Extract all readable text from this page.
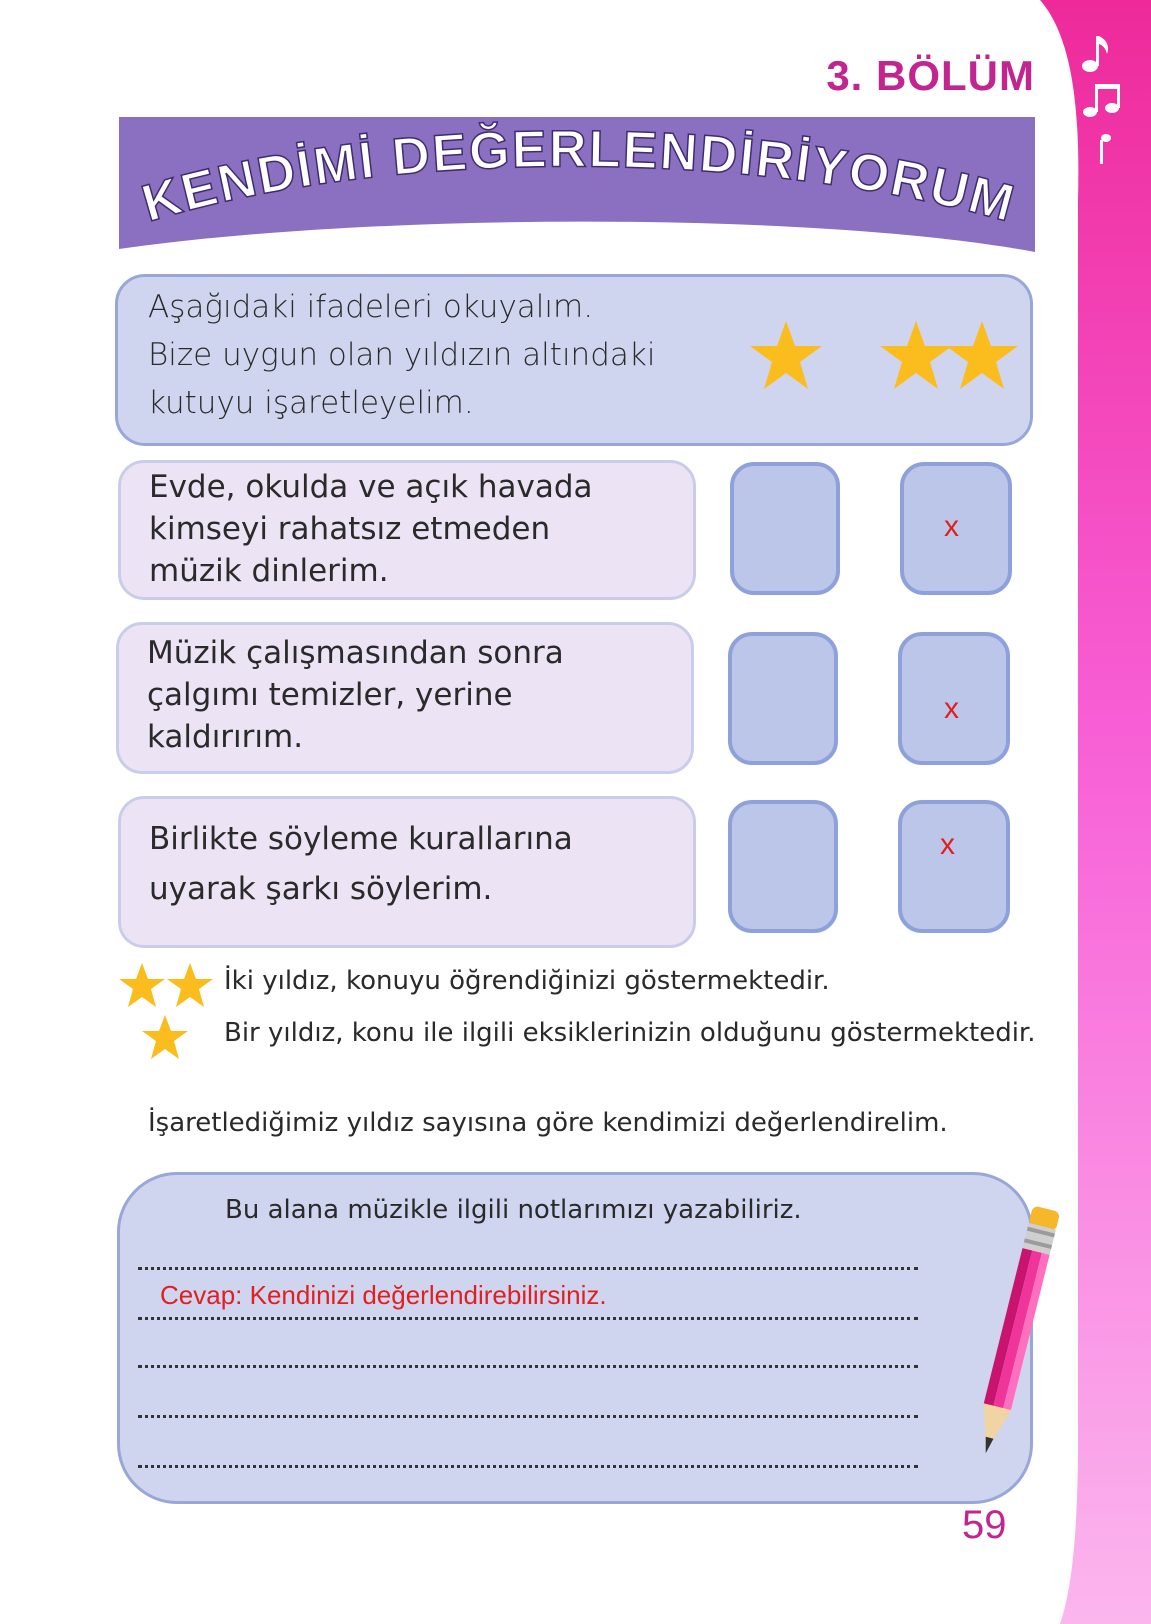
3. BÖLÜM
KENDİMİ DEĞERLENDİRİYORUM
Aşağıdaki ifadeleri okuyalım.
Bize uygun olan yıldızın altındaki
kutuyu işaretleyelim.
Evde, okulda ve açık havada
kimseyi rahatsız etmeden
müzik dinlerim.
x
Müzik çalışmasından sonra
çalgımı temizler, yerine
kaldırırım.
x
Birlikte söyleme kurallarına
uyarak şarkı söylerim.
x
İki yıldız, konuyu öğrendiğinizi göstermektedir.
Bir yıldız, konu ile ilgili eksiklerinizin olduğunu göstermektedir.
İşaretlediğimiz yıldız sayısına göre kendimizi değerlendirelim.
Bu alana müzikle ilgili notlarımızı yazabiliriz.
Cevap: Kendinizi değerlendirebilirsiniz.
59
